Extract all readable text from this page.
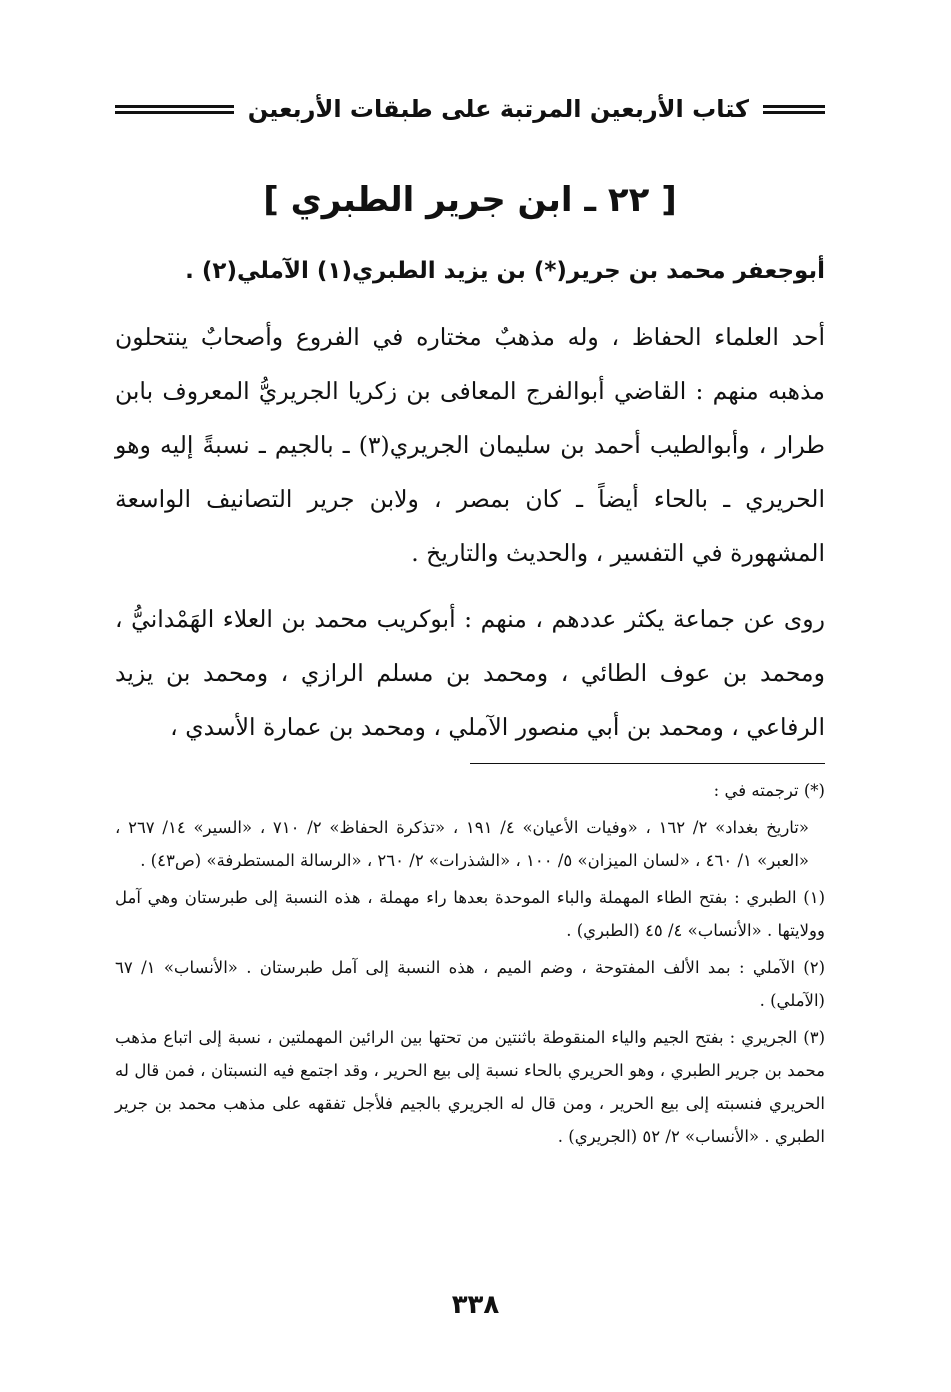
كتاب الأربعين المرتبة على طبقات الأربعين
[ ٢٢ ـ ابن جرير الطبري ]
أبوجعفر محمد بن جرير(*) بن يزيد الطبري(١) الآملي(٢) .

أحد العلماء الحفاظ ، وله مذهبٌ مختاره في الفروع وأصحابٌ ينتحلون مذهبه منهم : القاضي أبوالفرج المعافى بن زكريا الجريريُّ المعروف بابن طرار ، وأبوالطيب أحمد بن سليمان الجريري(٣) ـ بالجيم ـ نسبةً إليه وهو الحريري ـ بالحاء أيضاً ـ كان بمصر ، ولابن جرير التصانيف الواسعة المشهورة في التفسير ، والحديث والتاريخ .

روى عن جماعة يكثر عددهم ، منهم : أبوكريب محمد بن العلاء الهَمْدانيُّ ، ومحمد بن عوف الطائي ، ومحمد بن مسلم الرازي ، ومحمد بن يزيد الرفاعي ، ومحمد بن أبي منصور الآملي ، ومحمد بن عمارة الأسدي ،

(*) ترجمته في :

«تاريخ بغداد» ٢/ ١٦٢ ، «وفيات الأعيان» ٤/ ١٩١ ، «تذكرة الحفاظ» ٢/ ٧١٠ ، «السير» ١٤/ ٢٦٧ ، «العبر» ١/ ٤٦٠ ، «لسان الميزان» ٥/ ١٠٠ ، «الشذرات» ٢/ ٢٦٠ ، «الرسالة المستطرفة» (ص٤٣) .

(١) الطبري : بفتح الطاء المهملة والباء الموحدة بعدها راء مهملة ، هذه النسبة إلى طبرستان وهي آمل وولايتها . «الأنساب» ٤/ ٤٥ (الطبري) .

(٢) الآملي : بمد الألف المفتوحة ، وضم الميم ، هذه النسبة إلى آمل طبرستان . «الأنساب» ١/ ٦٧ (الآملي) .

(٣) الجريري : بفتح الجيم والياء المنقوطة باثنتين من تحتها بين الرائين المهملتين ، نسبة إلى اتباع مذهب محمد بن جرير الطبري ، وهو الحريري بالحاء نسبة إلى بيع الحرير ، وقد اجتمع فيه النسبتان ، فمن قال له الحريري فنسبته إلى بيع الحرير ، ومن قال له الجريري بالجيم فلأجل تفقهه على مذهب محمد بن جرير الطبري . «الأنساب» ٢/ ٥٢ (الجريري) .

٣٣٨
